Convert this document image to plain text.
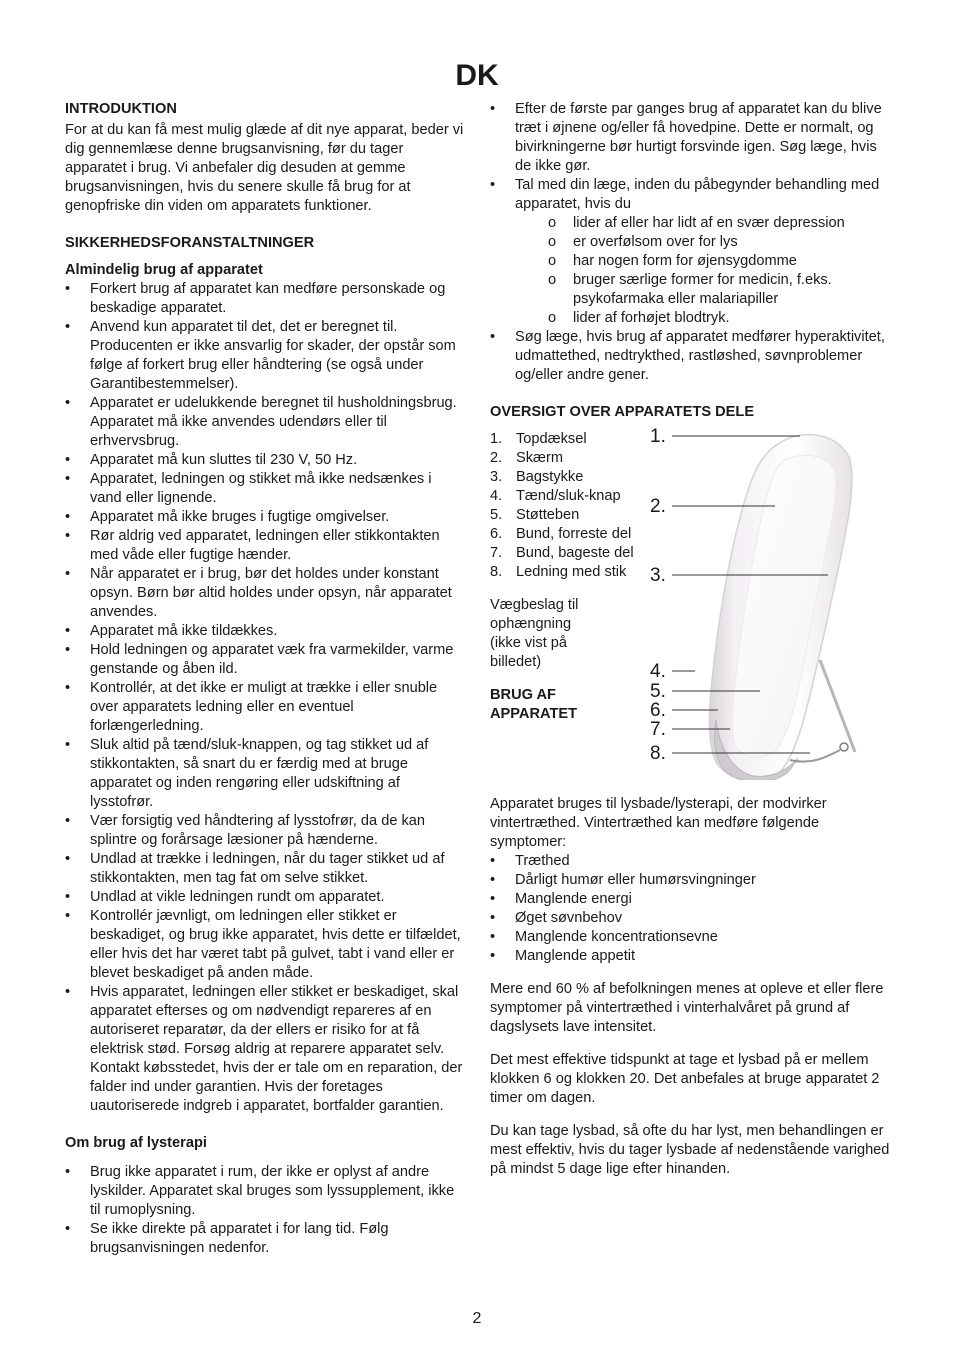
DK
INTRODUKTION

For at du kan få mest mulig glæde af dit nye apparat, beder vi dig gennemlæse denne brugsanvisning, før du tager apparatet i brug. Vi anbefaler dig desuden at gemme brugsanvisningen, hvis du senere skulle få brug for at genopfriske din viden om apparatets funktioner.

SIKKERHEDSFORANSTALTNINGER
Almindelig brug af apparatet
• Forkert brug af apparatet kan medføre personskade og beskadige apparatet.
• Anvend kun apparatet til det, det er beregnet til. Producenten er ikke ansvarlig for skader, der opstår som følge af forkert brug eller håndtering (se også under Garantibestemmelser).
• Apparatet er udelukkende beregnet til husholdningsbrug. Apparatet må ikke anvendes udendørs eller til erhvervsbrug.
• Apparatet må kun sluttes til 230 V, 50 Hz.
• Apparatet, ledningen og stikket må ikke nedsænkes i vand eller lignende.
• Apparatet må ikke bruges i fugtige omgivelser.
• Rør aldrig ved apparatet, ledningen eller stikkontakten med våde eller fugtige hænder.
• Når apparatet er i brug, bør det holdes under konstant opsyn. Børn bør altid holdes under opsyn, når apparatet anvendes.
• Apparatet må ikke tildækkes.
• Hold ledningen og apparatet væk fra varmekilder, varme genstande og åben ild.
• Kontrollér, at det ikke er muligt at trække i eller snuble over apparatets ledning eller en eventuel forlængerledning.
• Sluk altid på tænd/sluk-knappen, og tag stikket ud af stikkontakten, så snart du er færdig med at bruge apparatet og inden rengøring eller udskiftning af lysstofrør.
• Vær forsigtig ved håndtering af lysstofrør, da de kan splintre og forårsage læsioner på hænderne.
• Undlad at trække i ledningen, når du tager stikket ud af stikkontakten, men tag fat om selve stikket.
• Undlad at vikle ledningen rundt om apparatet.
• Kontrollér jævnligt, om ledningen eller stikket er beskadiget, og brug ikke apparatet, hvis dette er tilfældet, eller hvis det har været tabt på gulvet, tabt i vand eller er blevet beskadiget på anden måde.
• Hvis apparatet, ledningen eller stikket er beskadiget, skal apparatet efterses og om nødvendigt repareres af en autoriseret reparatør, da der ellers er risiko for at få elektrisk stød. Forsøg aldrig at reparere apparatet selv. Kontakt købsstedet, hvis der er tale om en reparation, der falder ind under garantien. Hvis der foretages uautoriserede indgreb i apparatet, bortfalder garantien.
Om brug af lysterapi
• Brug ikke apparatet i rum, der ikke er oplyst af andre lyskilder. Apparatet skal bruges som lyssupplement, ikke til rumoplysning.
• Se ikke direkte på apparatet i for lang tid. Følg brugsanvisningen nedenfor.
• Efter de første par ganges brug af apparatet kan du blive træt i øjnene og/eller få hovedpine. Dette er normalt, og bivirkningerne bør hurtigt forsvinde igen. Søg læge, hvis de ikke gør.
• Tal med din læge, inden du påbegynder behandling med apparatet, hvis du
o lider af eller har lidt af en svær depression
o er overfølsom over for lys
o har nogen form for øjensygdomme
o bruger særlige former for medicin, f.eks. psykofarmaka eller malariapiller
o lider af forhøjet blodtryk.
• Søg læge, hvis brug af apparatet medfører hyperaktivitet, udmattethed, nedtrykthed, rastløshed, søvnproblemer og/eller andre gener.
OVERSIGT OVER APPARATETS DELE
1. Topdæksel
2. Skærm
3. Bagstykke
4. Tænd/sluk-knap
5. Støtteben
6. Bund, forreste del
7. Bund, bageste del
8. Ledning med stik

Vægbeslag til ophængning (ikke vist på billedet)

BRUG AF APPARATET
1.
2.
3.
4.
5.
6.
7.
8.

Apparatet bruges til lysbade/lysterapi, der modvirker vintertræthed. Vintertræthed kan medføre følgende symptomer:

• Træthed
• Dårligt humør eller humørsvingninger
• Manglende energi
• Øget søvnbehov
• Manglende koncentrationsevne
• Manglende appetit

Mere end 60 % af befolkningen menes at opleve et eller flere symptomer på vintertræthed i vinterhalvåret på grund af dagslysets lave intensitet.

Det mest effektive tidspunkt at tage et lysbad på er mellem klokken 6 og klokken 20. Det anbefales at bruge apparatet 2 timer om dagen.

Du kan tage lysbad, så ofte du har lyst, men behandlingen er mest effektiv, hvis du tager lysbade af nedenstående varighed på mindst 5 dage lige efter hinanden.

2
